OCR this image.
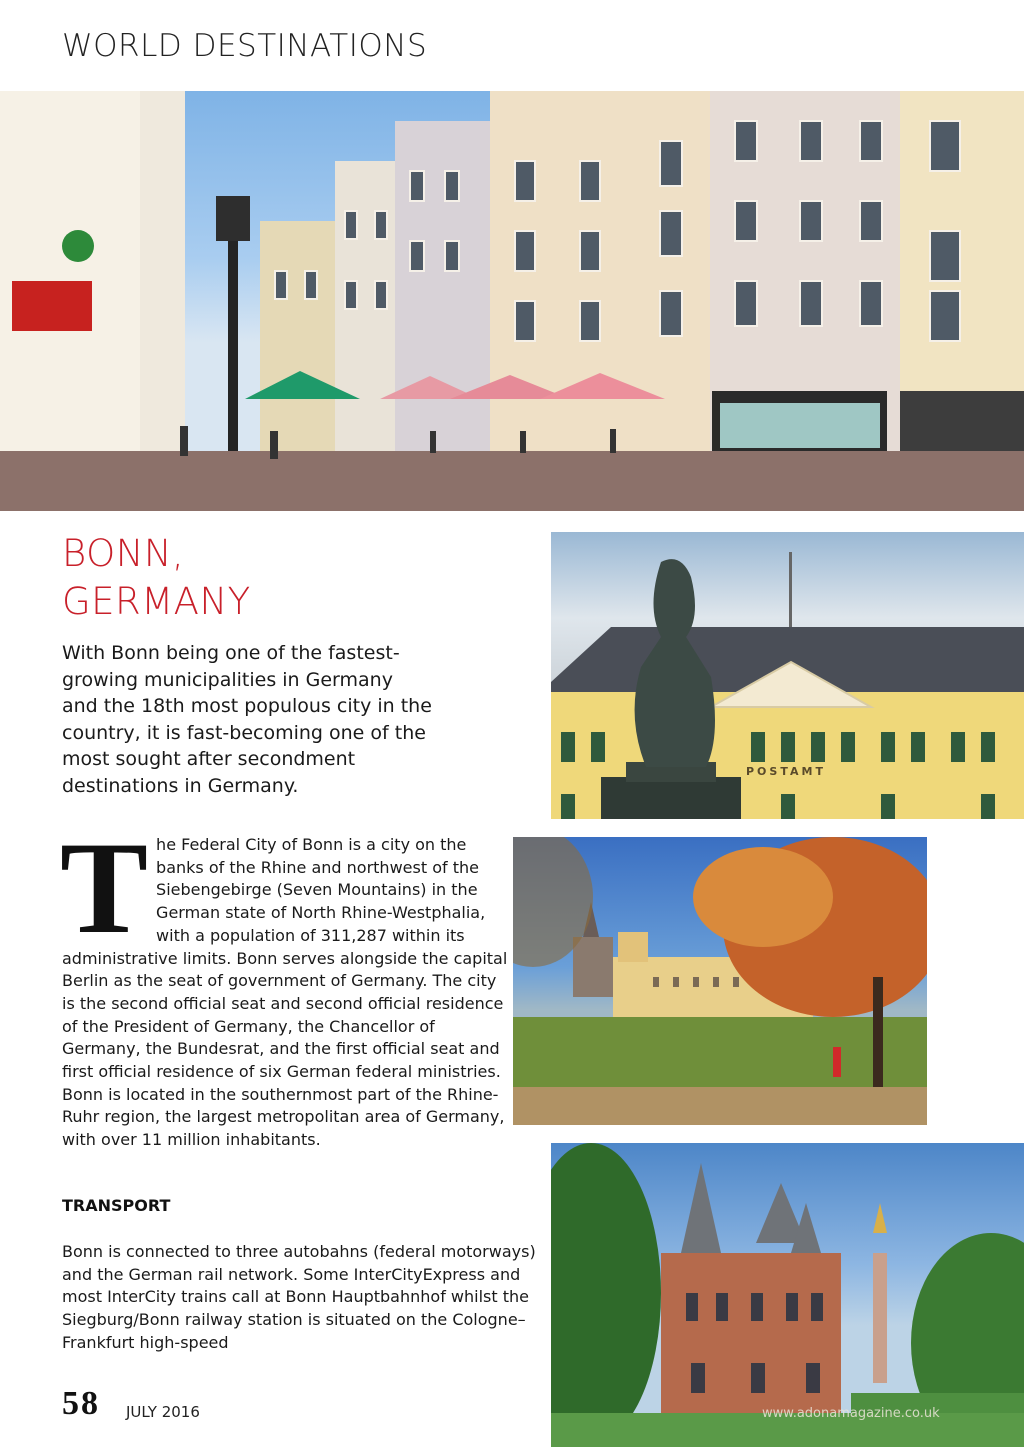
WORLD DESTINATIONS
BONN,
GERMANY
With Bonn being one of the fastest-growing municipalities in Germany and the 18th most populous city in the country, it is fast-becoming one of the most sought after secondment destinations in Germany.
T he Federal City of Bonn is a city on the banks of the Rhine and northwest of the Siebengebirge (Seven Mountains) in the German state of North Rhine-Westphalia, with a population of 311,287 within its administrative limits. Bonn serves alongside the capital Berlin as the seat of government of Germany. The city is the second official seat and second official residence of the President of Germany, the Chancellor of Germany, the Bundesrat, and the first official seat and first official residence of six German federal ministries. Bonn is located in the southernmost part of the Rhine-Ruhr region, the largest metropolitan area of Germany, with over 11 million inhabitants.
TRANSPORT
Bonn is connected to three autobahns (federal motorways) and the German rail network. Some InterCityExpress and most InterCity trains call at Bonn Hauptbahnhof whilst the Siegburg/Bonn railway station is situated on the Cologne–Frankfurt high-speed
POSTAMT
58 JULY 2016	www.adonamagazine.co.uk
